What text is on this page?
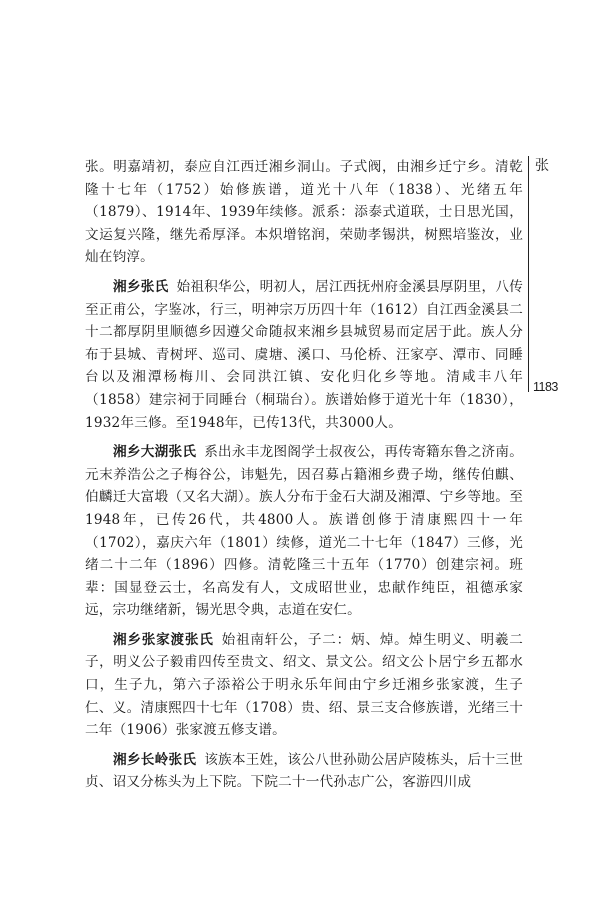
张。明嘉靖初，泰应自江西迁湘乡洞山。子式阀，由湘乡迁宁乡。清乾隆十七年（1752）始修族谱，道光十八年（1838）、光绪五年（1879）、1914年、1939年续修。派系：添泰式道联，士日思光国，文运复兴隆，继先希厚泽。本炽增铭润，荣勋孝锡洪，树熙培鉴汝，业灿在钧淳。

湘乡张氏 始祖积华公，明初人，居江西抚州府金溪县厚阴里，八传至正甫公，字鉴冰，行三，明神宗万历四十年（1612）自江西金溪县二十二都厚阴里顺德乡因遵父命随叔来湘乡县城贸易而定居于此。族人分布于县城、青树坪、巡司、虞塘、溪口、马伦桥、汪家亭、潭市、同睡台以及湘潭杨梅川、会同洪江镇、安化归化乡等地。清咸丰八年（1858）建宗祠于同睡台（桐瑞台）。族谱始修于道光十年（1830），1932年三修。至1948年，已传13代，共3000人。

湘乡大湖张氏 系出永丰龙图阁学士叔夜公，再传寄籍东鲁之济南。元末养浩公之子梅谷公，讳魁先，因召募占籍湘乡费子坳，继传伯麒、伯麟迁大富塅（又名大湖）。族人分布于金石大湖及湘潭、宁乡等地。至1948年，已传26代，共4800人。族谱创修于清康熙四十一年（1702），嘉庆六年（1801）续修，道光二十七年（1847）三修，光绪二十二年（1896）四修。清乾隆三十五年（1770）创建宗祠。班辈：国显登云士，名高发有人，文成昭世业，忠献作纯臣，祖德承家远，宗功继绪新，锡光思令典，志道在安仁。

湘乡张家渡张氏 始祖南轩公，子二：炳、焯。焯生明义、明羲二子，明义公子毅甫四传至贵文、绍文、景文公。绍文公卜居宁乡五都水口，生子九，第六子添裕公于明永乐年间由宁乡迁湘乡张家渡，生子仁、义。清康熙四十七年（1708）贵、绍、景三支合修族谱，光绪三十二年（1906）张家渡五修支谱。

湘乡长岭张氏 该族本王姓，该公八世孙勋公居庐陵栋头，后十三世贞、诏又分栋头为上下院。下院二十一代孙志广公，客游四川成

张
1183
